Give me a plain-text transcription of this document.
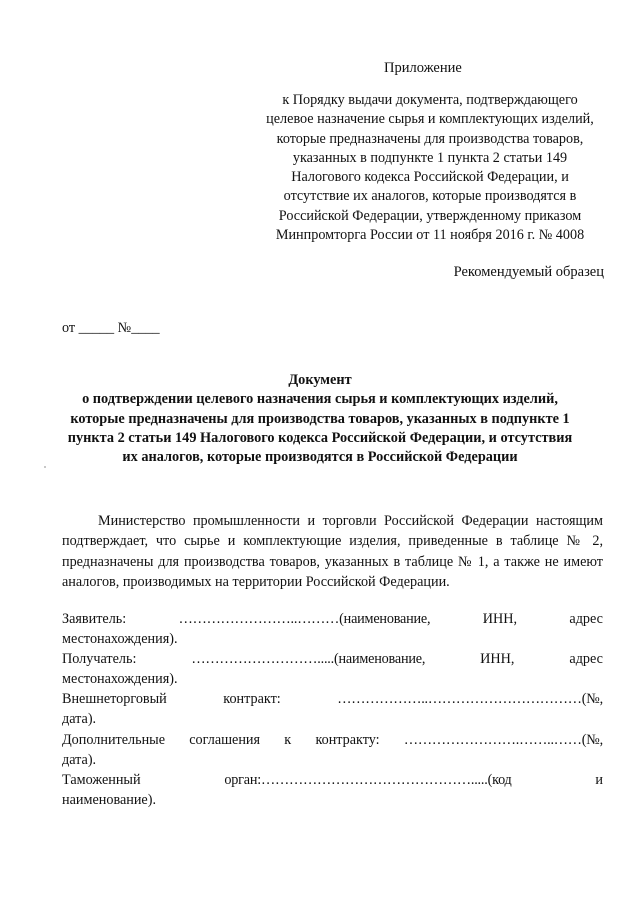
Приложение
к Порядку выдачи документа, подтверждающего
целевое назначение сырья и комплектующих изделий,
которые предназначены для производства товаров,
указанных в подпункте 1 пункта 2 статьи 149
Налогового кодекса Российской Федерации, и
отсутствие их аналогов, которые производятся в
Российской Федерации, утвержденному приказом
Минпромторга России от 11 ноября 2016 г. № 4008
Рекомендуемый образец
от _____ №____
Документ
о подтверждении целевого назначения сырья и комплектующих изделий,
которые предназначены для производства товаров, указанных в подпункте 1
пункта 2 статьи 149 Налогового кодекса Российской Федерации, и отсутствия
их аналогов, которые производятся в Российской Федерации
Министерство промышленности и торговли Российской Федерации настоящим подтверждает, что сырье и комплектующие изделия, приведенные в таблице № 2, предназначены для производства товаров, указанных в таблице № 1, а также не имеют аналогов, производимых на территории Российской Федерации.
Заявитель:	……………………..………(наименование,	ИНН,	адрес
местонахождения).
Получатель:	……………………….....(наименование,	ИНН,	адрес
местонахождения).
Внешнеторговый	контракт:	………………..……………………………(№,
дата).
Дополнительные соглашения к контракту: …………………….……..……(№,
дата).
Таможенный	орган:……………………………………….....(код	и
наименование).
